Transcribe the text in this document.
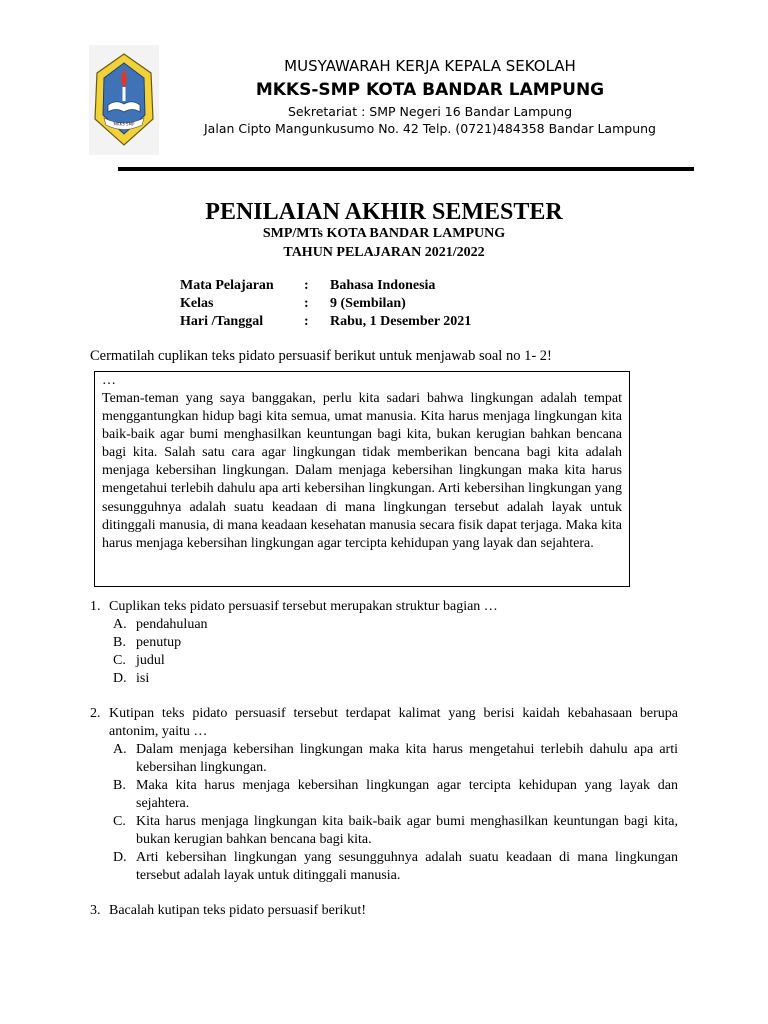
MKKS SMP
MUSYAWARAH KERJA KEPALA SEKOLAH
MKKS-SMP KOTA BANDAR LAMPUNG
Sekretariat : SMP Negeri 16 Bandar Lampung
Jalan Cipto Mangunkusumo No. 42 Telp. (0721)484358 Bandar Lampung
PENILAIAN AKHIR SEMESTER
SMP/MTs KOTA BANDAR LAMPUNG
TAHUN PELAJARAN 2021/2022
Mata Pelajaran : Bahasa Indonesia
Kelas	: 9 (Sembilan)
Hari /Tanggal	: Rabu, 1 Desember 2021
Cermatilah cuplikan teks pidato persuasif berikut untuk menjawab soal no 1- 2!
…
Teman-teman yang saya banggakan, perlu kita sadari bahwa lingkungan adalah tempat menggantungkan hidup bagi kita semua, umat manusia. Kita harus menjaga lingkungan kita baik-baik agar bumi menghasilkan keuntungan bagi kita, bukan kerugian bahkan bencana bagi kita. Salah satu cara agar lingkungan tidak memberikan bencana bagi kita adalah menjaga kebersihan lingkungan. Dalam menjaga kebersihan lingkungan maka kita harus mengetahui terlebih dahulu apa arti kebersihan lingkungan. Arti kebersihan lingkungan yang sesungguhnya adalah suatu keadaan di mana lingkungan tersebut adalah layak untuk ditinggali manusia, di mana keadaan kesehatan manusia secara fisik dapat terjaga. Maka kita harus menjaga kebersihan lingkungan agar tercipta kehidupan yang layak dan sejahtera.
1. Cuplikan teks pidato persuasif tersebut merupakan struktur bagian …
A. pendahuluan
B. penutup
C. judul
D. isi
2. Kutipan teks pidato persuasif tersebut terdapat kalimat yang berisi kaidah kebahasaan berupa antonim, yaitu …
A. Dalam menjaga kebersihan lingkungan maka kita harus mengetahui terlebih dahulu apa arti kebersihan lingkungan.
B. Maka kita harus menjaga kebersihan lingkungan agar tercipta kehidupan yang layak dan sejahtera.
C. Kita harus menjaga lingkungan kita baik-baik agar bumi menghasilkan keuntungan bagi kita, bukan kerugian bahkan bencana bagi kita.
D. Arti kebersihan lingkungan yang sesungguhnya adalah suatu keadaan di mana lingkungan tersebut adalah layak untuk ditinggali manusia.
3. Bacalah kutipan teks pidato persuasif berikut!
